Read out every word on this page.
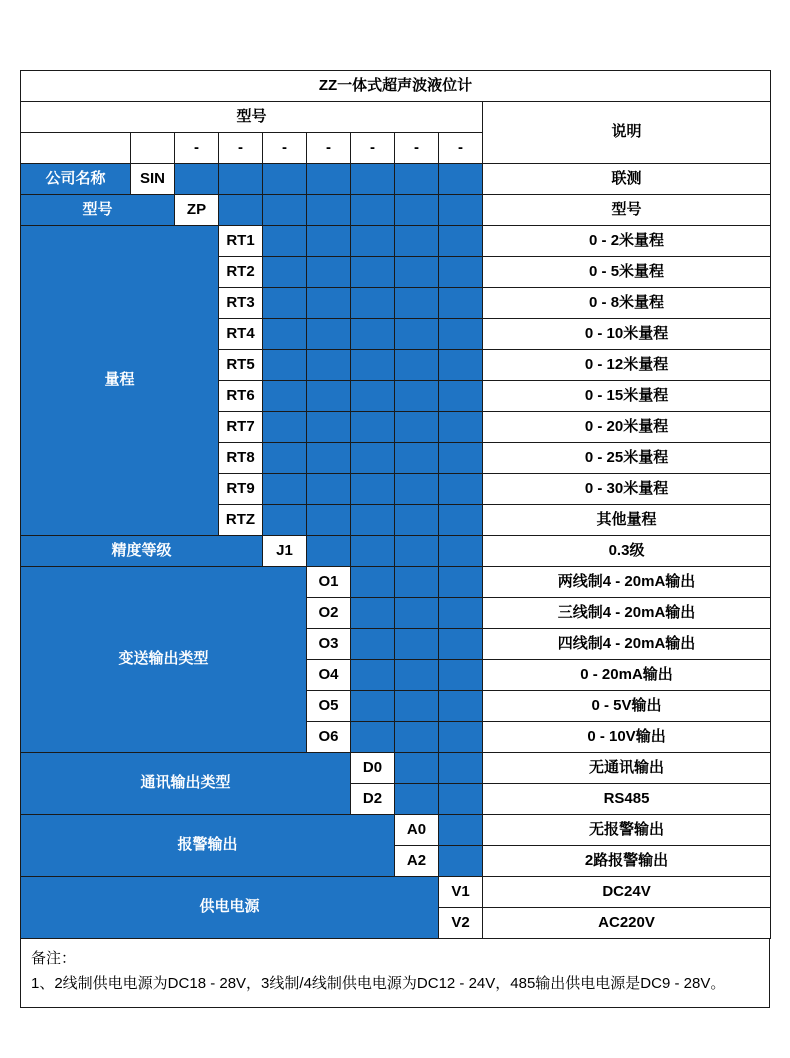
ZZ一体式超声波液位计									
型号									说明
		-	-	-	-	-	-	-	
公司名称	SIN								联测
型号		ZP							型号
量程			RT1						0 - 2米量程
			RT2						0 - 5米量程
			RT3						0 - 8米量程
			RT4						0 - 10米量程
			RT5						0 - 12米量程
			RT6						0 - 15米量程
			RT7						0 - 20米量程
			RT8						0 - 25米量程
			RT9						0 - 30米量程
			RTZ						其他量程
精度等级				J1					0.3级
变送输出类型					O1				两线制4 - 20mA输出
					O2				三线制4 - 20mA输出
					O3				四线制4 - 20mA输出
					O4				0 - 20mA输出
					O5				0 - 5V输出
					O6				0 - 10V输出
通讯输出类型						D0			无通讯输出
						D2			RS485
报警输出							A0		无报警输出
							A2		2路报警输出
供电电源								V1	DC24V
								V2	AC220V
备注：
1、2线制供电电源为DC18 - 28V，3线制/4线制供电电源为DC12 - 24V，485输出供电电源是DC9 - 28V。
